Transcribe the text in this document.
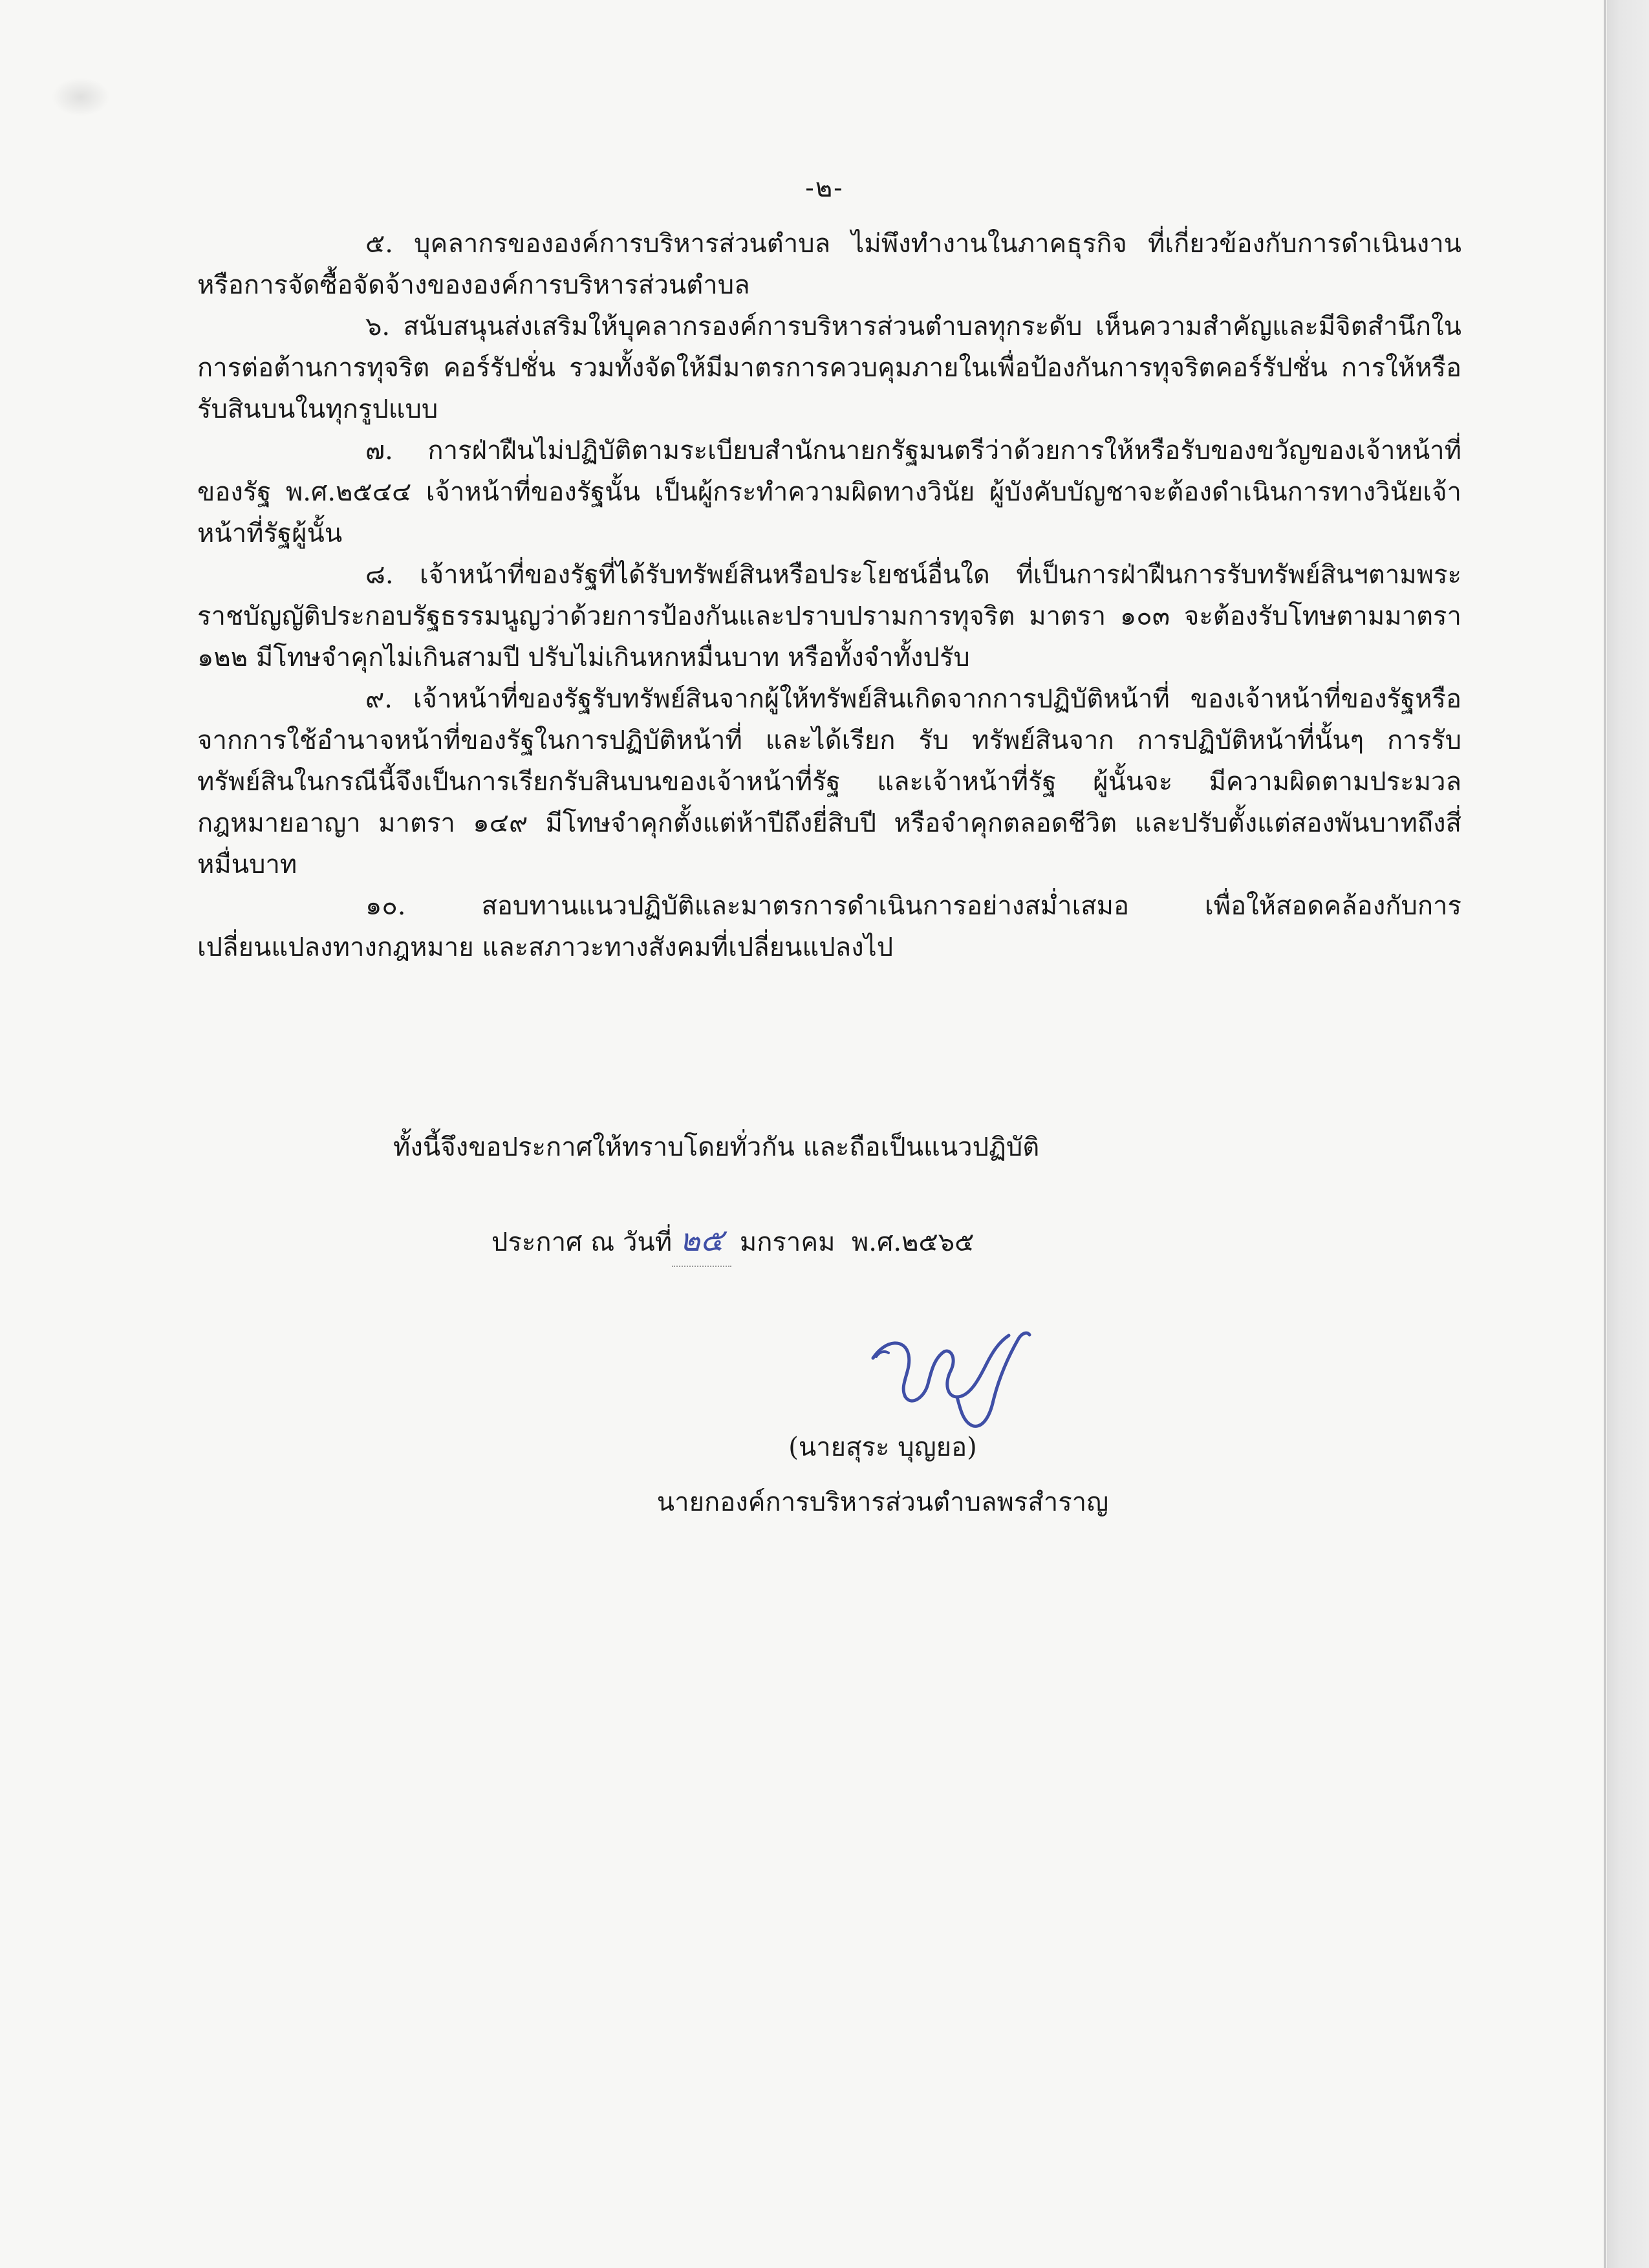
-๒-

๕. บุคลากรขององค์การบริหารส่วนตำบล ไม่พึงทำงานในภาคธุรกิจ ที่เกี่ยวข้องกับการดำเนินงานหรือการจัดซื้อจัดจ้างขององค์การบริหารส่วนตำบล

๖. สนับสนุนส่งเสริมให้บุคลากรองค์การบริหารส่วนตำบลทุกระดับ เห็นความสำคัญและมีจิตสำนึกในการต่อต้านการทุจริต คอร์รัปชั่น รวมทั้งจัดให้มีมาตรการควบคุมภายในเพื่อป้องกันการทุจริตคอร์รัปชั่น การให้หรือรับสินบนในทุกรูปแบบ

๗. การฝ่าฝืนไม่ปฏิบัติตามระเบียบสำนักนายกรัฐมนตรีว่าด้วยการให้หรือรับของขวัญของเจ้าหน้าที่ของรัฐ พ.ศ.๒๕๔๔ เจ้าหน้าที่ของรัฐนั้น เป็นผู้กระทำความผิดทางวินัย ผู้บังคับบัญชาจะต้องดำเนินการทางวินัยเจ้าหน้าที่รัฐผู้นั้น

๘. เจ้าหน้าที่ของรัฐที่ได้รับทรัพย์สินหรือประโยชน์อื่นใด ที่เป็นการฝ่าฝืนการรับทรัพย์สินฯตามพระราชบัญญัติประกอบรัฐธรรมนูญว่าด้วยการป้องกันและปราบปรามการทุจริต มาตรา ๑๐๓ จะต้องรับโทษตามมาตรา ๑๒๒ มีโทษจำคุกไม่เกินสามปี ปรับไม่เกินหกหมื่นบาท หรือทั้งจำทั้งปรับ

๙. เจ้าหน้าที่ของรัฐรับทรัพย์สินจากผู้ให้ทรัพย์สินเกิดจากการปฏิบัติหน้าที่ ของเจ้าหน้าที่ของรัฐหรือจากการใช้อำนาจหน้าที่ของรัฐในการปฏิบัติหน้าที่ และได้เรียก รับ ทรัพย์สินจาก การปฏิบัติหน้าที่นั้นๆ การรับทรัพย์สินในกรณีนี้จึงเป็นการเรียกรับสินบนของเจ้าหน้าที่รัฐ และเจ้าหน้าที่รัฐ ผู้นั้นจะ มีความผิดตามประมวลกฎหมายอาญา มาตรา ๑๔๙ มีโทษจำคุกตั้งแต่ห้าปีถึงยี่สิบปี หรือจำคุกตลอดชีวิต และปรับตั้งแต่สองพันบาทถึงสี่หมื่นบาท

๑๐. สอบทานแนวปฏิบัติและมาตรการดำเนินการอย่างสม่ำเสมอ เพื่อให้สอดคล้องกับการเปลี่ยนแปลงทางกฎหมาย และสภาวะทางสังคมที่เปลี่ยนแปลงไป

ทั้งนี้จึงขอประกาศให้ทราบโดยทั่วกัน และถือเป็นแนวปฏิบัติ
ประกาศ ณ วันที่ ๒๕ มกราคม พ.ศ.๒๕๖๕
(นายสุระ บุญยอ)
นายกองค์การบริหารส่วนตำบลพรสำราญ
